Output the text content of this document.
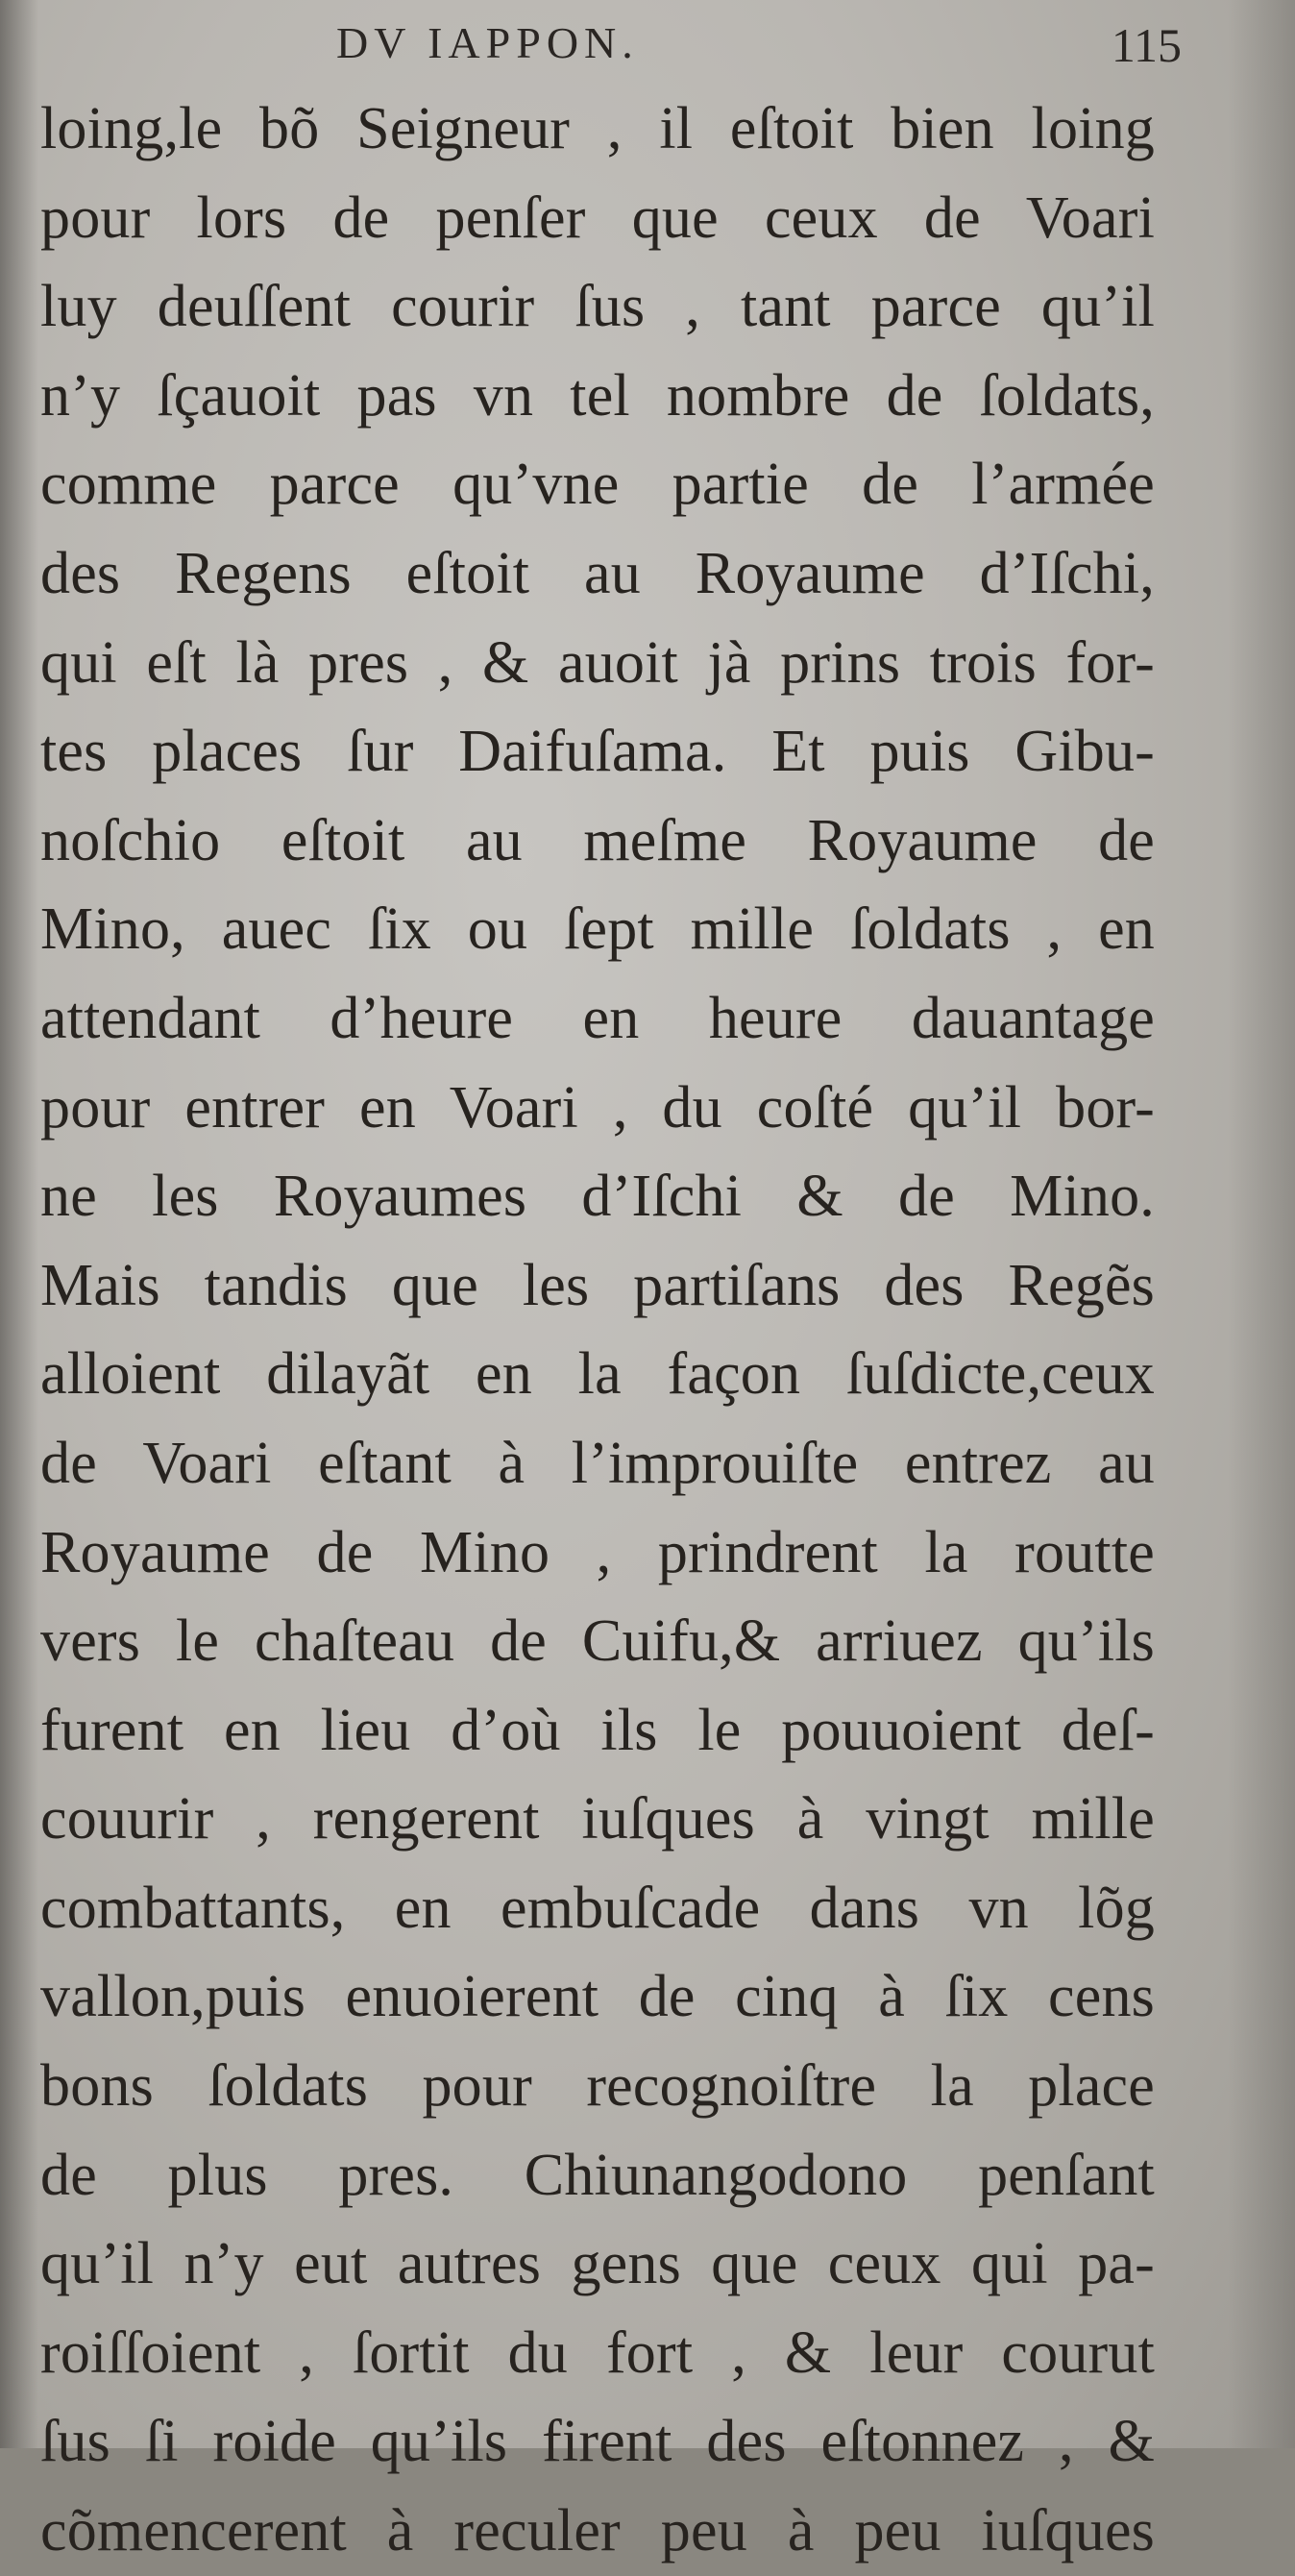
DV IAPPON.	115
loing,le bõ Seigneur , il eſtoit bien loing
pour lors de penſer que ceux de Voari
luy deuſſent courir ſus , tant parce qu’il
n’y ſçauoit pas vn tel nombre de ſoldats,
comme parce qu’vne partie de l’armée
des Regens eſtoit au Royaume d’Iſchi,
qui eſt là pres , & auoit jà prins trois for-
tes places ſur Daifuſama. Et puis Gibu-
noſchio eſtoit au meſme Royaume de
Mino, auec ſix ou ſept mille ſoldats , en
attendant d’heure en heure dauantage
pour entrer en Voari , du coſté qu’il bor-
ne les Royaumes d’Iſchi & de Mino.
Mais tandis que les partiſans des Regẽs
alloient dilayãt en la façon ſuſdicte,ceux
de Voari eſtant à l’improuiſte entrez au
Royaume de Mino , prindrent la routte
vers le chaſteau de Cuifu,& arriuez qu’ils
furent en lieu d’où ils le pouuoient deſ-
couurir , rengerent iuſques à vingt mille
combattants, en embuſcade dans vn lõg
vallon,puis enuoierent de cinq à ſix cens
bons ſoldats pour recognoiſtre la place
de plus pres. Chiunangodono penſant
qu’il n’y eut autres gens que ceux qui pa-
roiſſoient , ſortit du fort , & leur courut
ſus ſi roide qu’ils firent des eſtonnez , &
cõmencerent à reculer peu à peu iuſques
